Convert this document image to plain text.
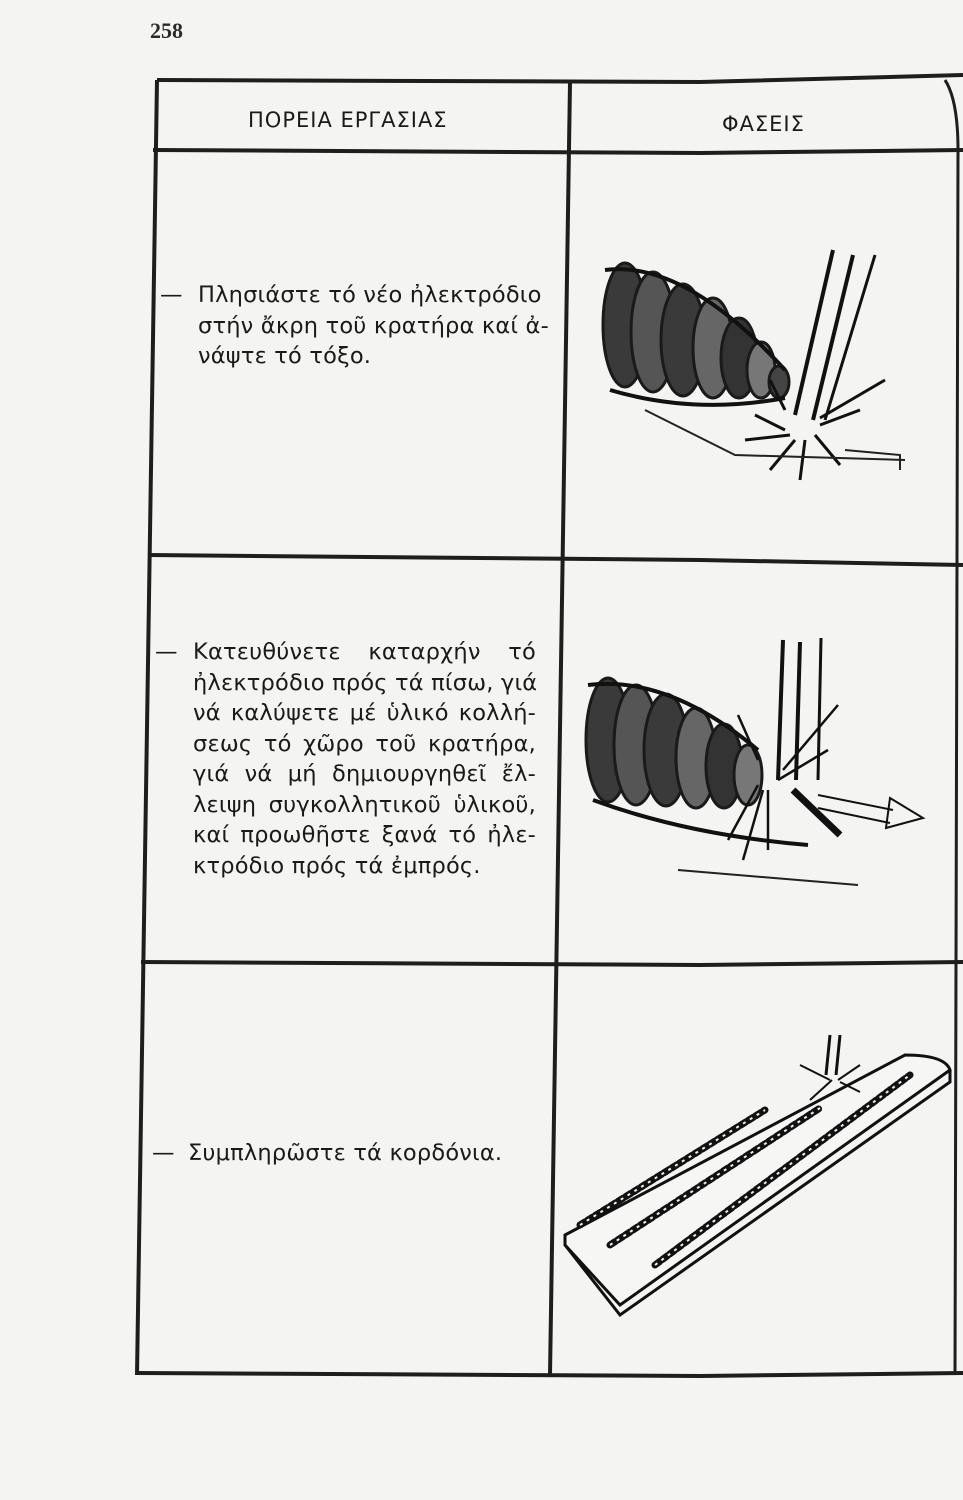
258
ΠΟΡΕΙΑ ΕΡΓΑΣΙΑΣ	ΦΑΣΕΙΣ
— Πλησιάστε τό νέο ἠλεκτρόδιο
στήν ἄκρη τοῦ κρατήρα καί ἀ-
νάψτε τό τόξο.
— Κατευθύνετε καταρχήν τό
ἠλεκτρόδιο πρός τά πίσω, γιά
νά καλύψετε μέ ὑλικό κολλή-
σεως τό χῶρο τοῦ κρατήρα,
γιά νά μή δημιουργηθεῖ ἔλ-
λειψη συγκολλητικοῦ ὑλικοῦ,
καί προωθῆστε ξανά τό ἠλε-
κτρόδιο πρός τά ἐμπρός.
— Συμπληρῶστε τά κορδόνια.
